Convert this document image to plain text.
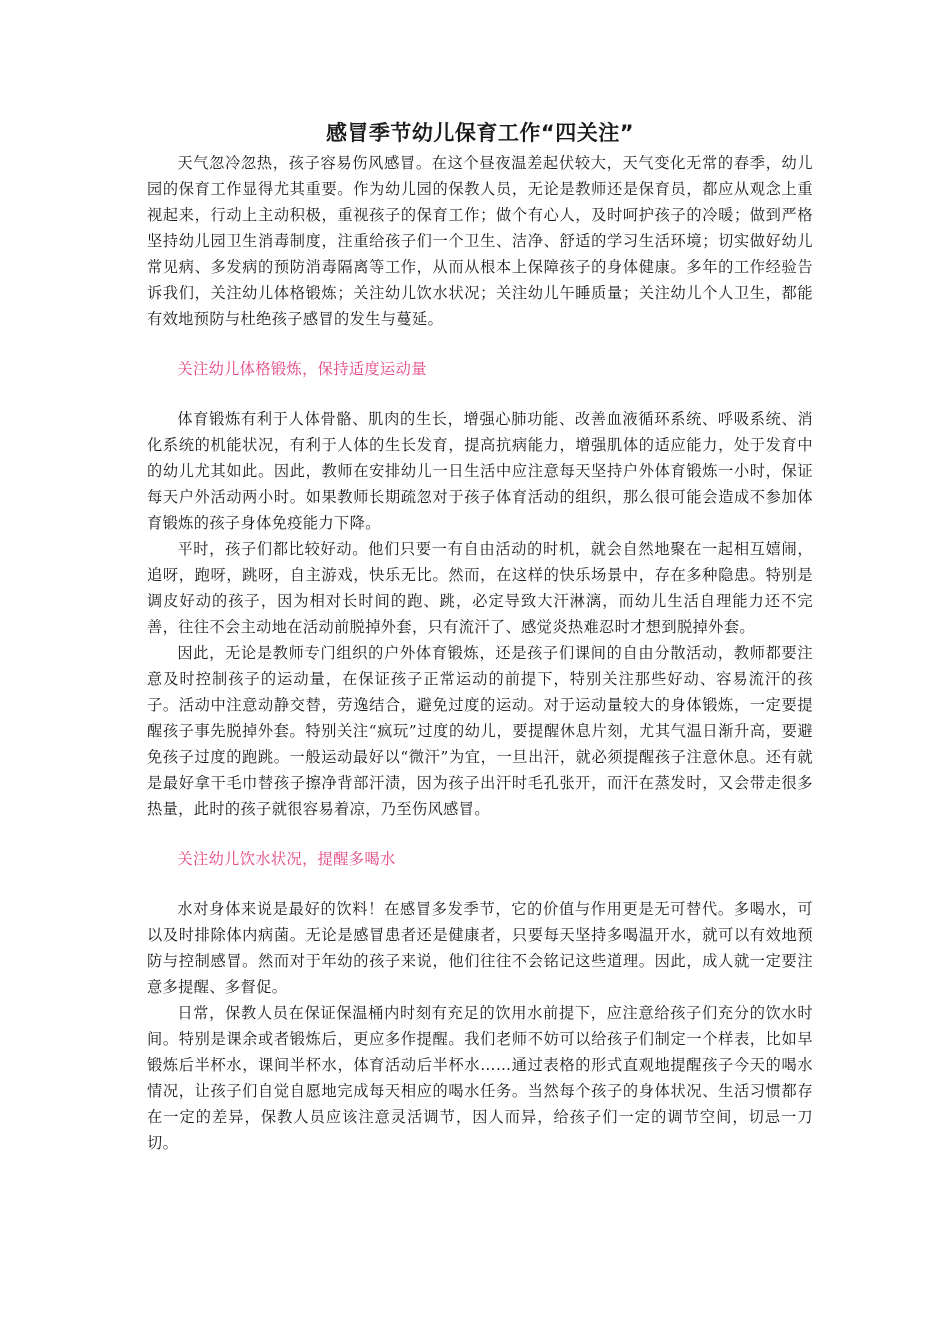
感冒季节幼儿保育工作“四关注”

天气忽冷忽热，孩子容易伤风感冒。在这个昼夜温差起伏较大，天气变化无常的春季，幼儿园的保育工作显得尤其重要。作为幼儿园的保教人员，无论是教师还是保育员，都应从观念上重视起来，行动上主动积极，重视孩子的保育工作；做个有心人，及时呵护孩子的冷暖；做到严格坚持幼儿园卫生消毒制度，注重给孩子们一个卫生、洁净、舒适的学习生活环境；切实做好幼儿常见病、多发病的预防消毒隔离等工作，从而从根本上保障孩子的身体健康。多年的工作经验告诉我们，关注幼儿体格锻炼；关注幼儿饮水状况；关注幼儿午睡质量；关注幼儿个人卫生，都能有效地预防与杜绝孩子感冒的发生与蔓延。

关注幼儿体格锻炼，保持适度运动量

体育锻炼有利于人体骨骼、肌肉的生长，增强心肺功能、改善血液循环系统、呼吸系统、消化系统的机能状况，有利于人体的生长发育，提高抗病能力，增强肌体的适应能力，处于发育中的幼儿尤其如此。因此，教师在安排幼儿一日生活中应注意每天坚持户外体育锻炼一小时，保证每天户外活动两小时。如果教师长期疏忽对于孩子体育活动的组织，那么很可能会造成不参加体育锻炼的孩子身体免疫能力下降。

平时，孩子们都比较好动。他们只要一有自由活动的时机，就会自然地聚在一起相互嬉闹，追呀，跑呀，跳呀，自主游戏，快乐无比。然而，在这样的快乐场景中，存在多种隐患。特别是调皮好动的孩子，因为相对长时间的跑、跳，必定导致大汗淋漓，而幼儿生活自理能力还不完善，往往不会主动地在活动前脱掉外套，只有流汗了、感觉炎热难忍时才想到脱掉外套。

因此，无论是教师专门组织的户外体育锻炼，还是孩子们课间的自由分散活动，教师都要注意及时控制孩子的运动量，在保证孩子正常运动的前提下，特别关注那些好动、容易流汗的孩子。活动中注意动静交替，劳逸结合，避免过度的运动。对于运动量较大的身体锻炼，一定要提醒孩子事先脱掉外套。特别关注“疯玩”过度的幼儿，要提醒休息片刻，尤其气温日渐升高，要避免孩子过度的跑跳。一般运动最好以“微汗”为宜，一旦出汗，就必须提醒孩子注意休息。还有就是最好拿干毛巾替孩子擦净背部汗渍，因为孩子出汗时毛孔张开，而汗在蒸发时，又会带走很多热量，此时的孩子就很容易着凉，乃至伤风感冒。

关注幼儿饮水状况，提醒多喝水

水对身体来说是最好的饮料！在感冒多发季节，它的价值与作用更是无可替代。多喝水，可以及时排除体内病菌。无论是感冒患者还是健康者，只要每天坚持多喝温开水，就可以有效地预防与控制感冒。然而对于年幼的孩子来说，他们往往不会铭记这些道理。因此，成人就一定要注意多提醒、多督促。

日常，保教人员在保证保温桶内时刻有充足的饮用水前提下，应注意给孩子们充分的饮水时间。特别是课余或者锻炼后，更应多作提醒。我们老师不妨可以给孩子们制定一个样表，比如早锻炼后半杯水，课间半杯水，体育活动后半杯水……通过表格的形式直观地提醒孩子今天的喝水情况，让孩子们自觉自愿地完成每天相应的喝水任务。当然每个孩子的身体状况、生活习惯都存在一定的差异，保教人员应该注意灵活调节，因人而异，给孩子们一定的调节空间，切忌一刀切。
